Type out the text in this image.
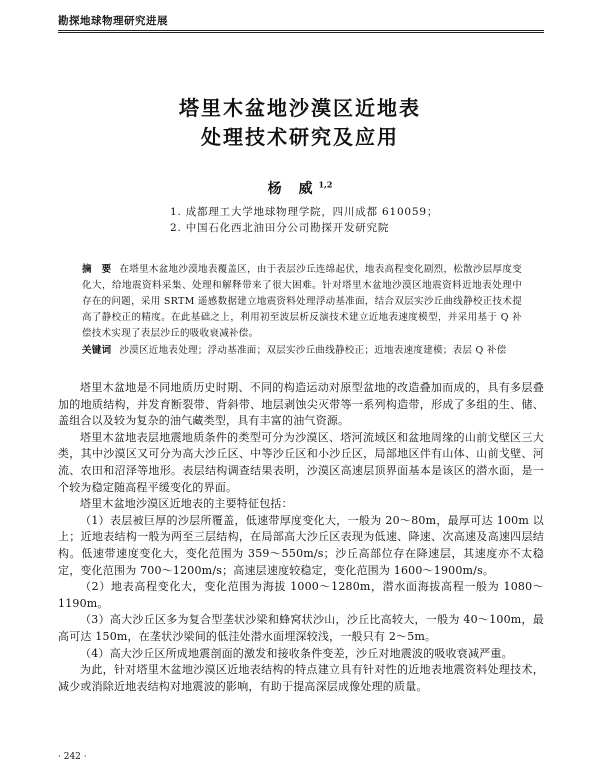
勘探地球物理研究进展
塔里木盆地沙漠区近地表
处理技术研究及应用
杨 威$^{1,2}$
1. 成都理工大学地球物理学院，四川成都 610059；
2. 中国石化西北油田分公司勘探开发研究院
摘　要 在塔里木盆地沙漠地表覆盖区，由于表层沙丘连绵起伏，地表高程变化剧烈，松散沙层厚度变化大，给地震资料采集、处理和解释带来了很大困难。针对塔里木盆地沙漠区地震资料近地表处理中存在的问题，采用 SRTM 遥感数据建立地震资料处理浮动基准面，结合双层实沙丘曲线静校正技术提高了静校正的精度。在此基础之上，利用初至波层析反演技术建立近地表速度模型，并采用基于 Q 补偿技术实现了表层沙丘的吸收衰减补偿。
关键词 沙漠区近地表处理；浮动基准面；双层实沙丘曲线静校正；近地表速度建模；表层 Q 补偿

塔里木盆地是不同地质历史时期、不同的构造运动对原型盆地的改造叠加而成的，具有多层叠加的地质结构，并发育断裂带、背斜带、地层剥蚀尖灭带等一系列构造带，形成了多组的生、储、盖组合以及较为复杂的油气藏类型，具有丰富的油气资源。

塔里木盆地表层地震地质条件的类型可分为沙漠区、塔河流域区和盆地周缘的山前戈壁区三大类，其中沙漠区又可分为高大沙丘区、中等沙丘区和小沙丘区，局部地区伴有山体、山前戈壁、河流、农田和沼泽等地形。表层结构调查结果表明，沙漠区高速层顶界面基本是该区的潜水面，是一个较为稳定随高程平缓变化的界面。

塔里木盆地沙漠区近地表的主要特征包括：

（1）表层被巨厚的沙层所覆盖，低速带厚度变化大，一般为 20～80m，最厚可达 100m 以上；近地表结构一般为两至三层结构，在局部高大沙丘区表现为低速、降速、次高速及高速四层结构。低速带速度变化大，变化范围为 359～550m/s；沙丘高部位存在降速层，其速度亦不太稳定，变化范围为 700～1200m/s；高速层速度较稳定，变化范围为 1600～1900m/s。

（2）地表高程变化大，变化范围为海拔 1000～1280m，潜水面海拔高程一般为 1080～1190m。

（3）高大沙丘区多为复合型垄状沙梁和蜂窝状沙山，沙丘比高较大，一般为 40～100m，最高可达 150m，在垄状沙梁间的低洼处潜水面埋深较浅，一般只有 2～5m。

（4）高大沙丘区所成地震剖面的激发和接收条件变差，沙丘对地震波的吸收衰减严重。

为此，针对塔里木盆地沙漠区近地表结构的特点建立具有针对性的近地表地震资料处理技术，减少或消除近地表结构对地震波的影响，有助于提高深层成像处理的质量。

· 242 ·
